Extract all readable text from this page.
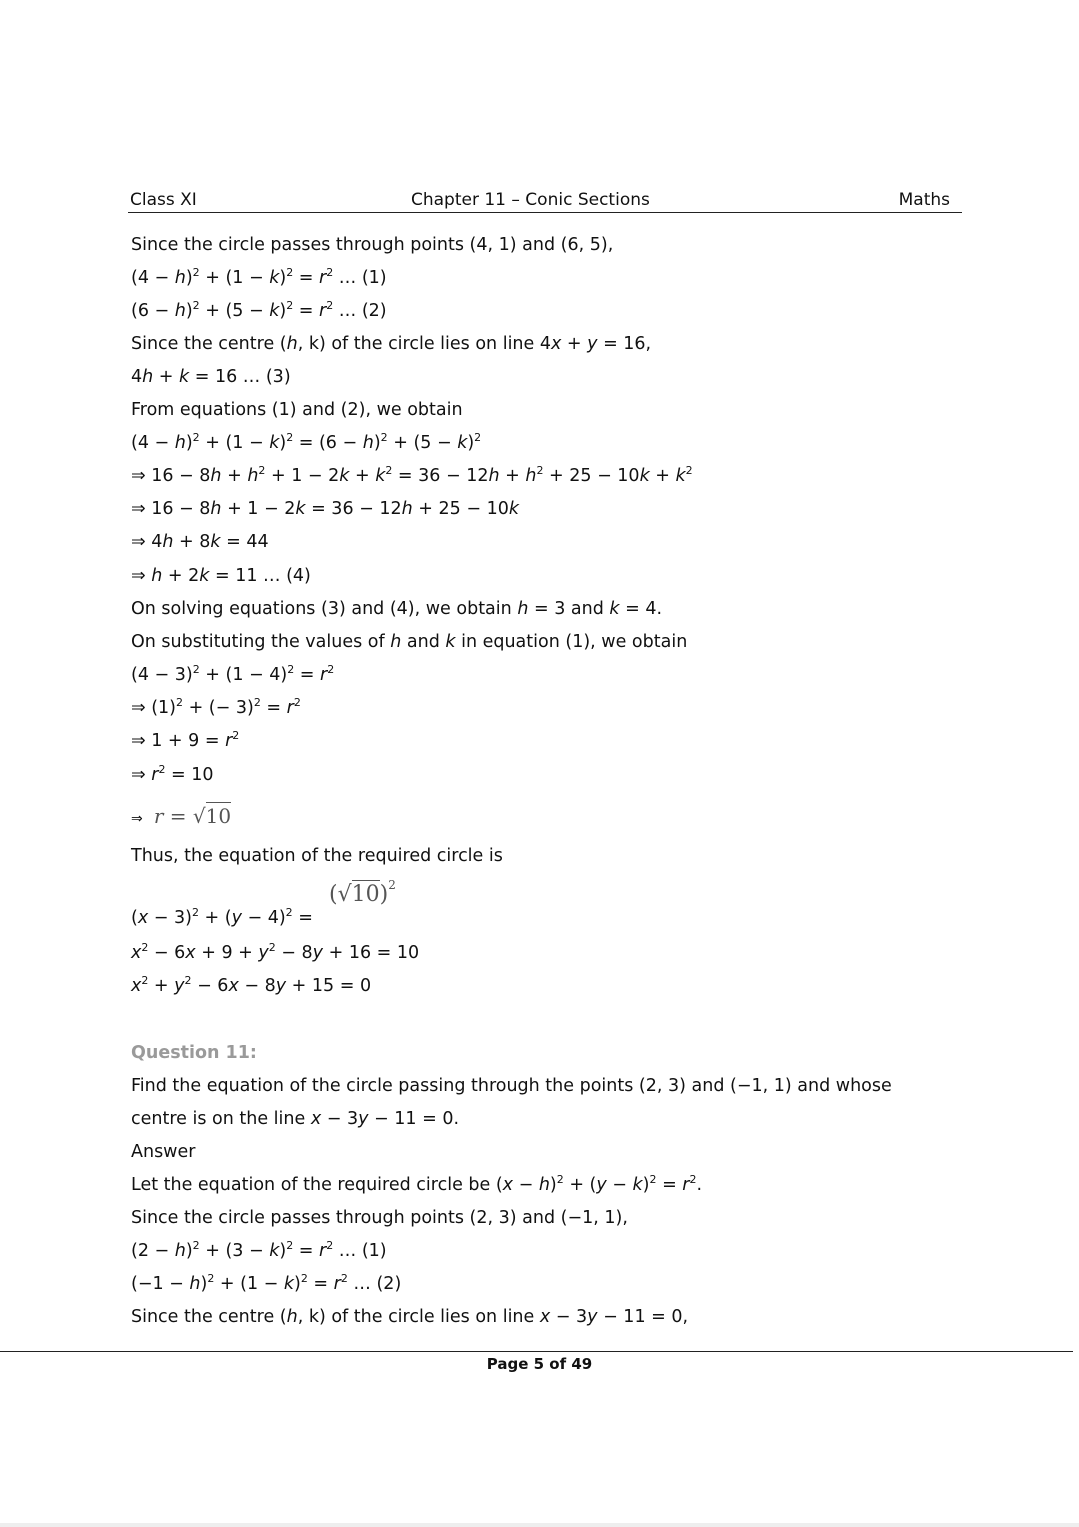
Class XI	Chapter 11 – Conic Sections	Maths
Since the circle passes through points (4, 1) and (6, 5),
$(4 - h)^2 + (1 - k)^2 = r^2$ … (1)
$(6 - h)^2 + (5 - k)^2 = r^2$ … (2)
Since the centre (h, k) of the circle lies on line 4x + y = 16,
4h + k = 16 … (3)
From equations (1) and (2), we obtain
$(4 - h)^2 + (1 - k)^2 = (6 - h)^2 + (5 - k)^2$
⇒ $16 - 8h + h^2 + 1 - 2k + k^2 = 36 - 12h + h^2 + 25 - 10k + k^2$
⇒ 16 − 8h + 1 − 2k = 36 − 12h + 25 − 10k
⇒ 4h + 8k = 44
⇒ h + 2k = 11 … (4)
On solving equations (3) and (4), we obtain h = 3 and k = 4.
On substituting the values of h and k in equation (1), we obtain
$(4 - 3)^2 + (1 - 4)^2 = r^2$
⇒ $(1)^2$ + (− $3)^2 = r^2$
⇒ $1 + 9 = r^2$
⇒ $r^2 = 10$
⇒ r = √10
Thus, the equation of the required circle is
$(x - 3)^2 + (y - 4)^2$ =
$(√10)^2$
$x^2 - 6x + 9 + y^2 - 8y + 16 = 10$
$x^2 + y^2 - 6x - 8y + 15 = 0$
Question 11:
Find the equation of the circle passing through the points (2, 3) and (−1, 1) and whose
centre is on the line x − 3y − 11 = 0.
Answer
Let the equation of the required circle be $(x - h)^2 + (y - k)^2 = r^2$.
Since the circle passes through points (2, 3) and (−1, 1),
$(2 - h)^2 + (3 - k)^2 = r^2$ … (1)
$(-1 - h)^2 + (1 - k)^2 = r^2$ … (2)
Since the centre (h, k) of the circle lies on line x − 3y − 11 = 0,
Page 5 of 49
